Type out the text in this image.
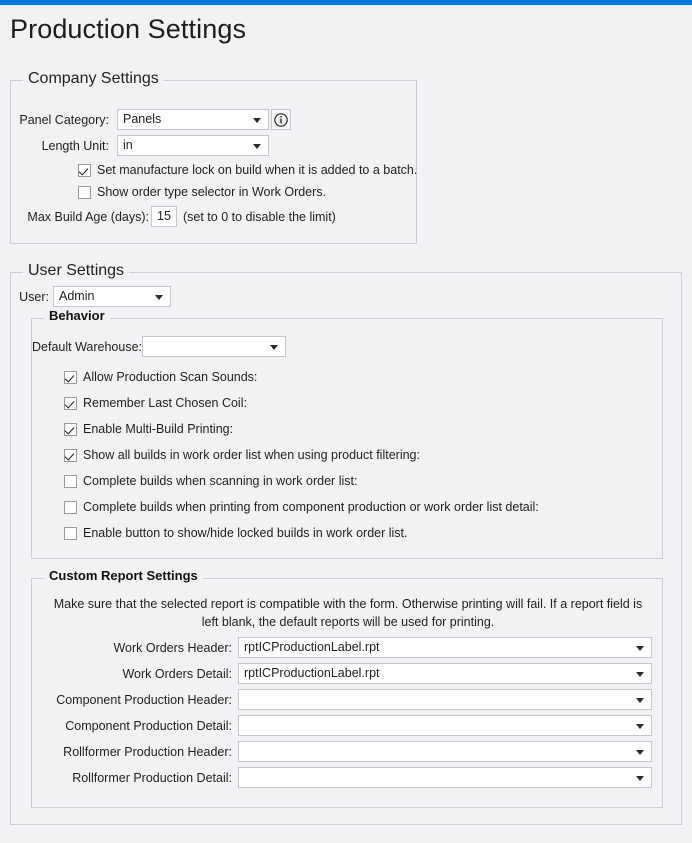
Production Settings
Company Settings
Panel Category:	Panels
Length Unit:	in
Set manufacture lock on build when it is added to a batch.
Show order type selector in Work Orders.
Max Build Age (days): 15 (set to 0 to disable the limit)
User Settings
User: Admin
Behavior
Default Warehouse:
Allow Production Scan Sounds:
Remember Last Chosen Coil:
Enable Multi-Build Printing:
Show all builds in work order list when using product filtering:
Complete builds when scanning in work order list:
Complete builds when printing from component production or work order list detail:
Enable button to show/hide locked builds in work order list.
Custom Report Settings
Make sure that the selected report is compatible with the form. Otherwise printing will fail. If a report field is left blank, the default reports will be used for printing.
Work Orders Header: rptICProductionLabel.rpt
Work Orders Detail: rptICProductionLabel.rpt
Component Production Header:
Component Production Detail:
Rollformer Production Header:
Rollformer Production Detail:
